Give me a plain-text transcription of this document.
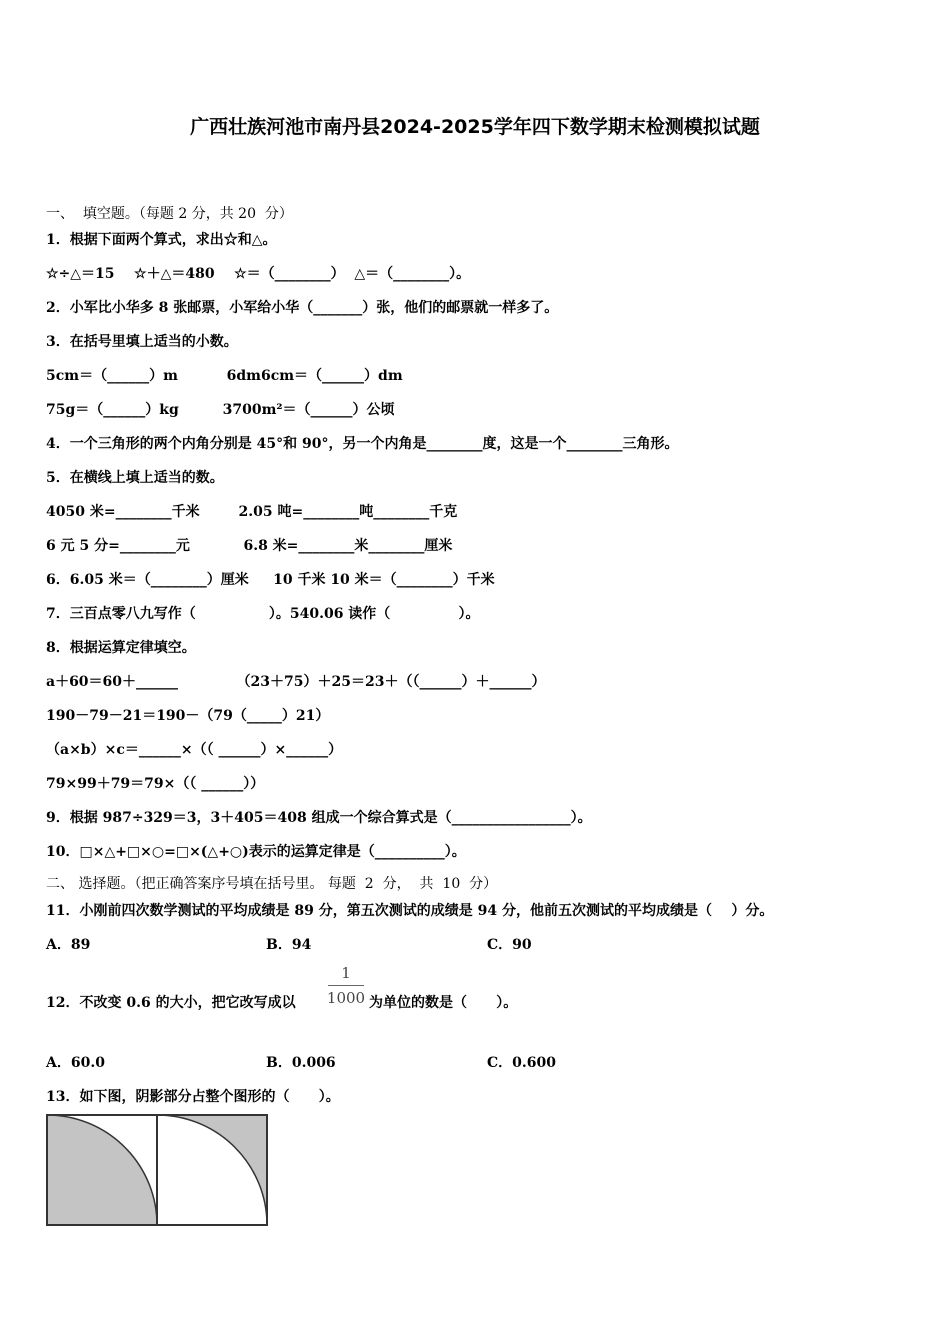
广西壮族河池市南丹县2024-2025学年四下数学期末检测模拟试题
一、  填空题。（每题 2 分，共 20  分）
1．根据下面两个算式，求出☆和△。
☆÷△＝15    ☆＋△＝480    ☆＝（________）  △＝（________）。
2．小军比小华多 8 张邮票，小军给小华（_______）张，他们的邮票就一样多了。
3．在括号里填上适当的小数。
5cm＝（______）m          6dm6cm＝（______）dm
75g＝（______）kg         3700m²＝（______）公顷
4．一个三角形的两个内角分别是 45°和 90°，另一个内角是________度，这是一个________三角形。
5．在横线上填上适当的数。
4050 米=________千米        2.05 吨=________吨________千克
6 元 5 分=________元           6.8 米=________米________厘米
6．6.05 米＝（________）厘米     10 千米 10 米＝（________）千米
7．三百点零八九写作（               ）。540.06 读作（              ）。
8．根据运算定律填空。
a＋60＝60＋______            （23＋75）＋25＝23＋（（______）＋______）
190－79－21＝190－（79（_____）21）
（a×b）×c＝______×（（ ______）×______）
79×99＋79＝79×（（ ______））
9．根据 987÷329＝3，3＋405＝408 组成一个综合算式是（_________________）。
10．□×△+□×○=□×(△+○)表示的运算定律是（__________）。
二、 选择题。（把正确答案序号填在括号里。 每题  2  分，  共  10  分）
11．小刚前四次数学测试的平均成绩是 89 分，第五次测试的成绩是 94 分，他前五次测试的平均成绩是（    ）分。
A．89	B．94	C．90
12．不改变 0.6 的大小，把它改写成以
1
1000 为单位的数是（      ）。
A．60.0	B．0.006	C．0.600
13．如下图，阴影部分占整个图形的（      ）。
